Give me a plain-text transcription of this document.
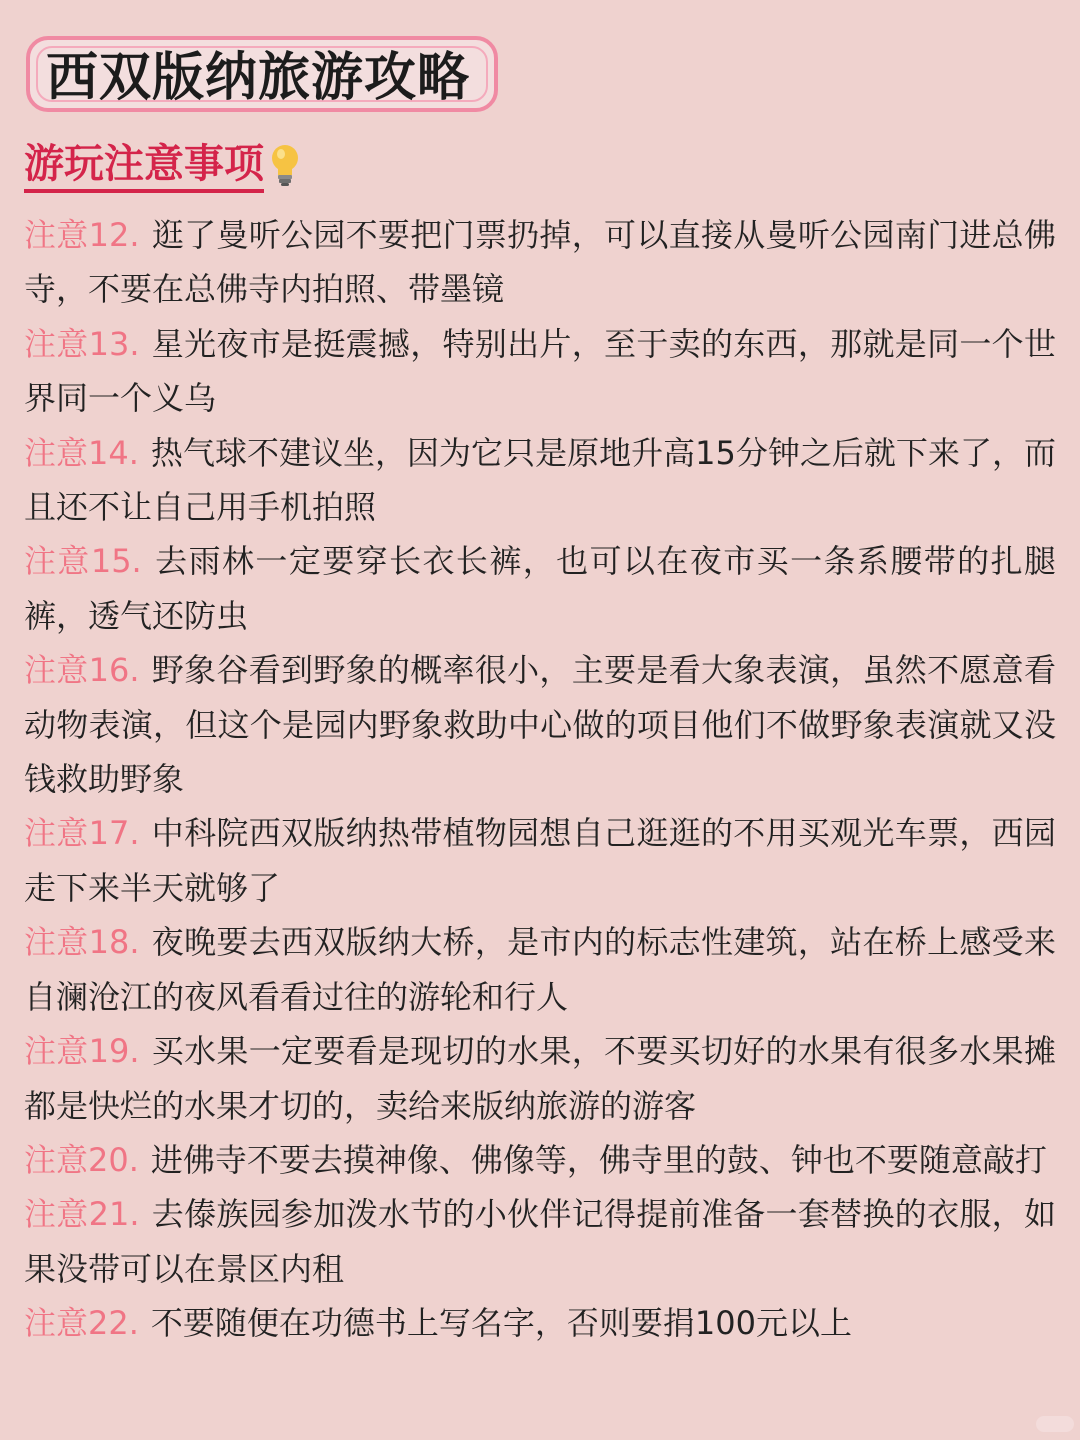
西双版纳旅游攻略
游玩注意事项
注意12. 逛了曼听公园不要把门票扔掉，可以直接从曼听公园南门进总佛寺，不要在总佛寺内拍照、带墨镜
注意13. 星光夜市是挺震撼，特别出片，至于卖的东西，那就是同一个世界同一个义乌
注意14. 热气球不建议坐，因为它只是原地升高15分钟之后就下来了，而且还不让自己用手机拍照
注意15. 去雨林一定要穿长衣长裤，也可以在夜市买一条系腰带的扎腿裤，透气还防虫
注意16. 野象谷看到野象的概率很小，主要是看大象表演，虽然不愿意看动物表演，但这个是园内野象救助中心做的项目他们不做野象表演就又没钱救助野象
注意17. 中科院西双版纳热带植物园想自己逛逛的不用买观光车票，西园走下来半天就够了
注意18. 夜晚要去西双版纳大桥，是市内的标志性建筑，站在桥上感受来自澜沧江的夜风看看过往的游轮和行人
注意19. 买水果一定要看是现切的水果，不要买切好的水果有很多水果摊都是快烂的水果才切的，卖给来版纳旅游的游客
注意20. 进佛寺不要去摸神像、佛像等，佛寺里的鼓、钟也不要随意敲打
注意21. 去傣族园参加泼水节的小伙伴记得提前准备一套替换的衣服，如果没带可以在景区内租
注意22. 不要随便在功德书上写名字，否则要捐100元以上
